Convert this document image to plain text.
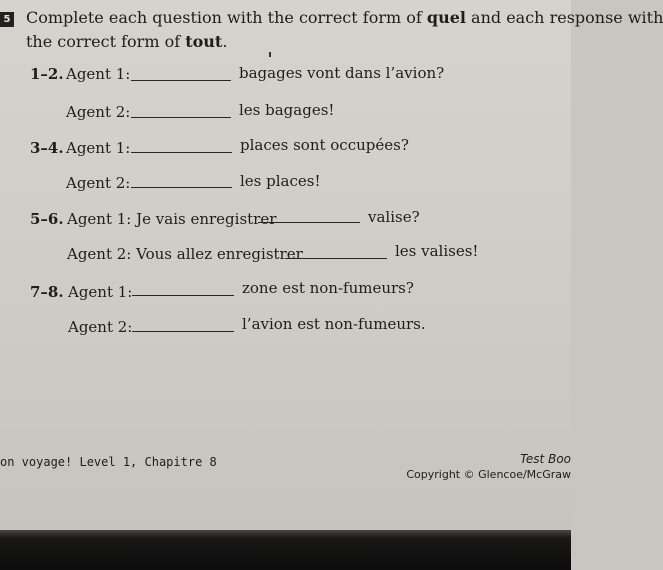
5 Complete each question with the correct form of quel and each response with
the correct form of tout.
1–2. Agent 1:	bagages vont dans l’avion?
Agent 2:	les bagages!
3–4. Agent 1:	places sont occupées?
Agent 2:	les places!
5–6. Agent 1: Je vais enregistrer	valise?
Agent 2: Vous allez enregistrer	les valises!
7–8. Agent 1:	zone est non-fumeurs?
Agent 2:	l’avion est non-fumeurs.
on voyage! Level 1, Chapitre 8	Test Boo
Copyright © Glencoe/McGraw
